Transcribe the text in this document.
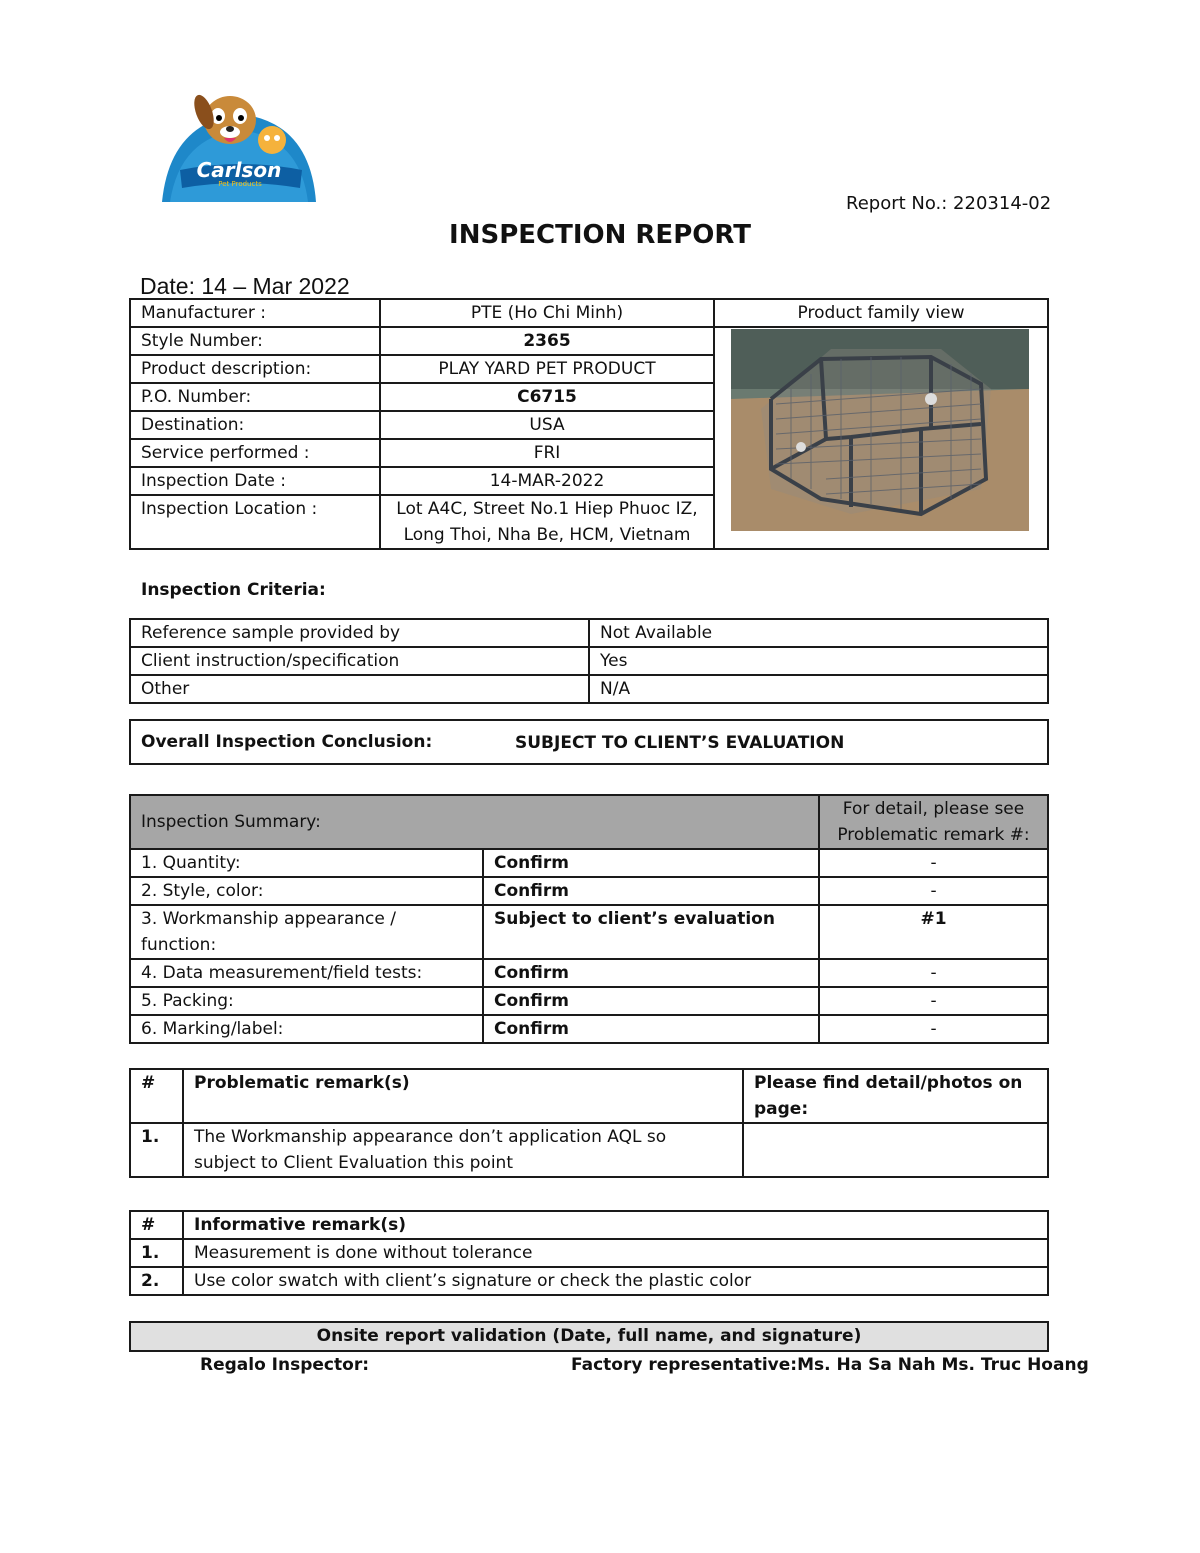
Carlson
Pet Products
Report No.: 220314-02
INSPECTION REPORT
Date: 14 – Mar 2022
Manufacturer :	PTE (Ho Chi Minh)	Product family view
Style Number:	2365	

Product description:	PLAY YARD PET PRODUCT	
P.O. Number:	C6715	
Destination:	USA	
Service performed :	FRI	
Inspection Date :	14-MAR-2022	
Inspection Location :	Lot A4C, Street No.1 Hiep Phuoc IZ,
Long Thoi, Nha Be, HCM, Vietnam	
Inspection Criteria:
Reference sample provided by	Not Available
Client instruction/specification	Yes
Other	N/A
Overall Inspection Conclusion:	SUBJECT TO CLIENT’S EVALUATION
Inspection Summary:		For detail, please see
Problematic remark #:

1. Quantity:	Confirm	-
2. Style, color:	Confirm	-

3. Workmanship appearance /
function:	Subject to client’s evaluation	#1
4. Data measurement/field tests:	Confirm	-
5. Packing:	Confirm	-
6. Marking/label:	Confirm	-
#	Problematic remark(s)	Please find detail/photos on
page:

1.	The Workmanship appearance don’t application AQL so
subject to Client Evaluation this point	

#	Informative remark(s)
1.	Measurement is done without tolerance
2.	Use color swatch with client’s signature or check the plastic color
Onsite report validation (Date, full name, and signature)
Regalo Inspector:	Factory representative:Ms. Ha Sa Nah Ms. Truc Hoang
